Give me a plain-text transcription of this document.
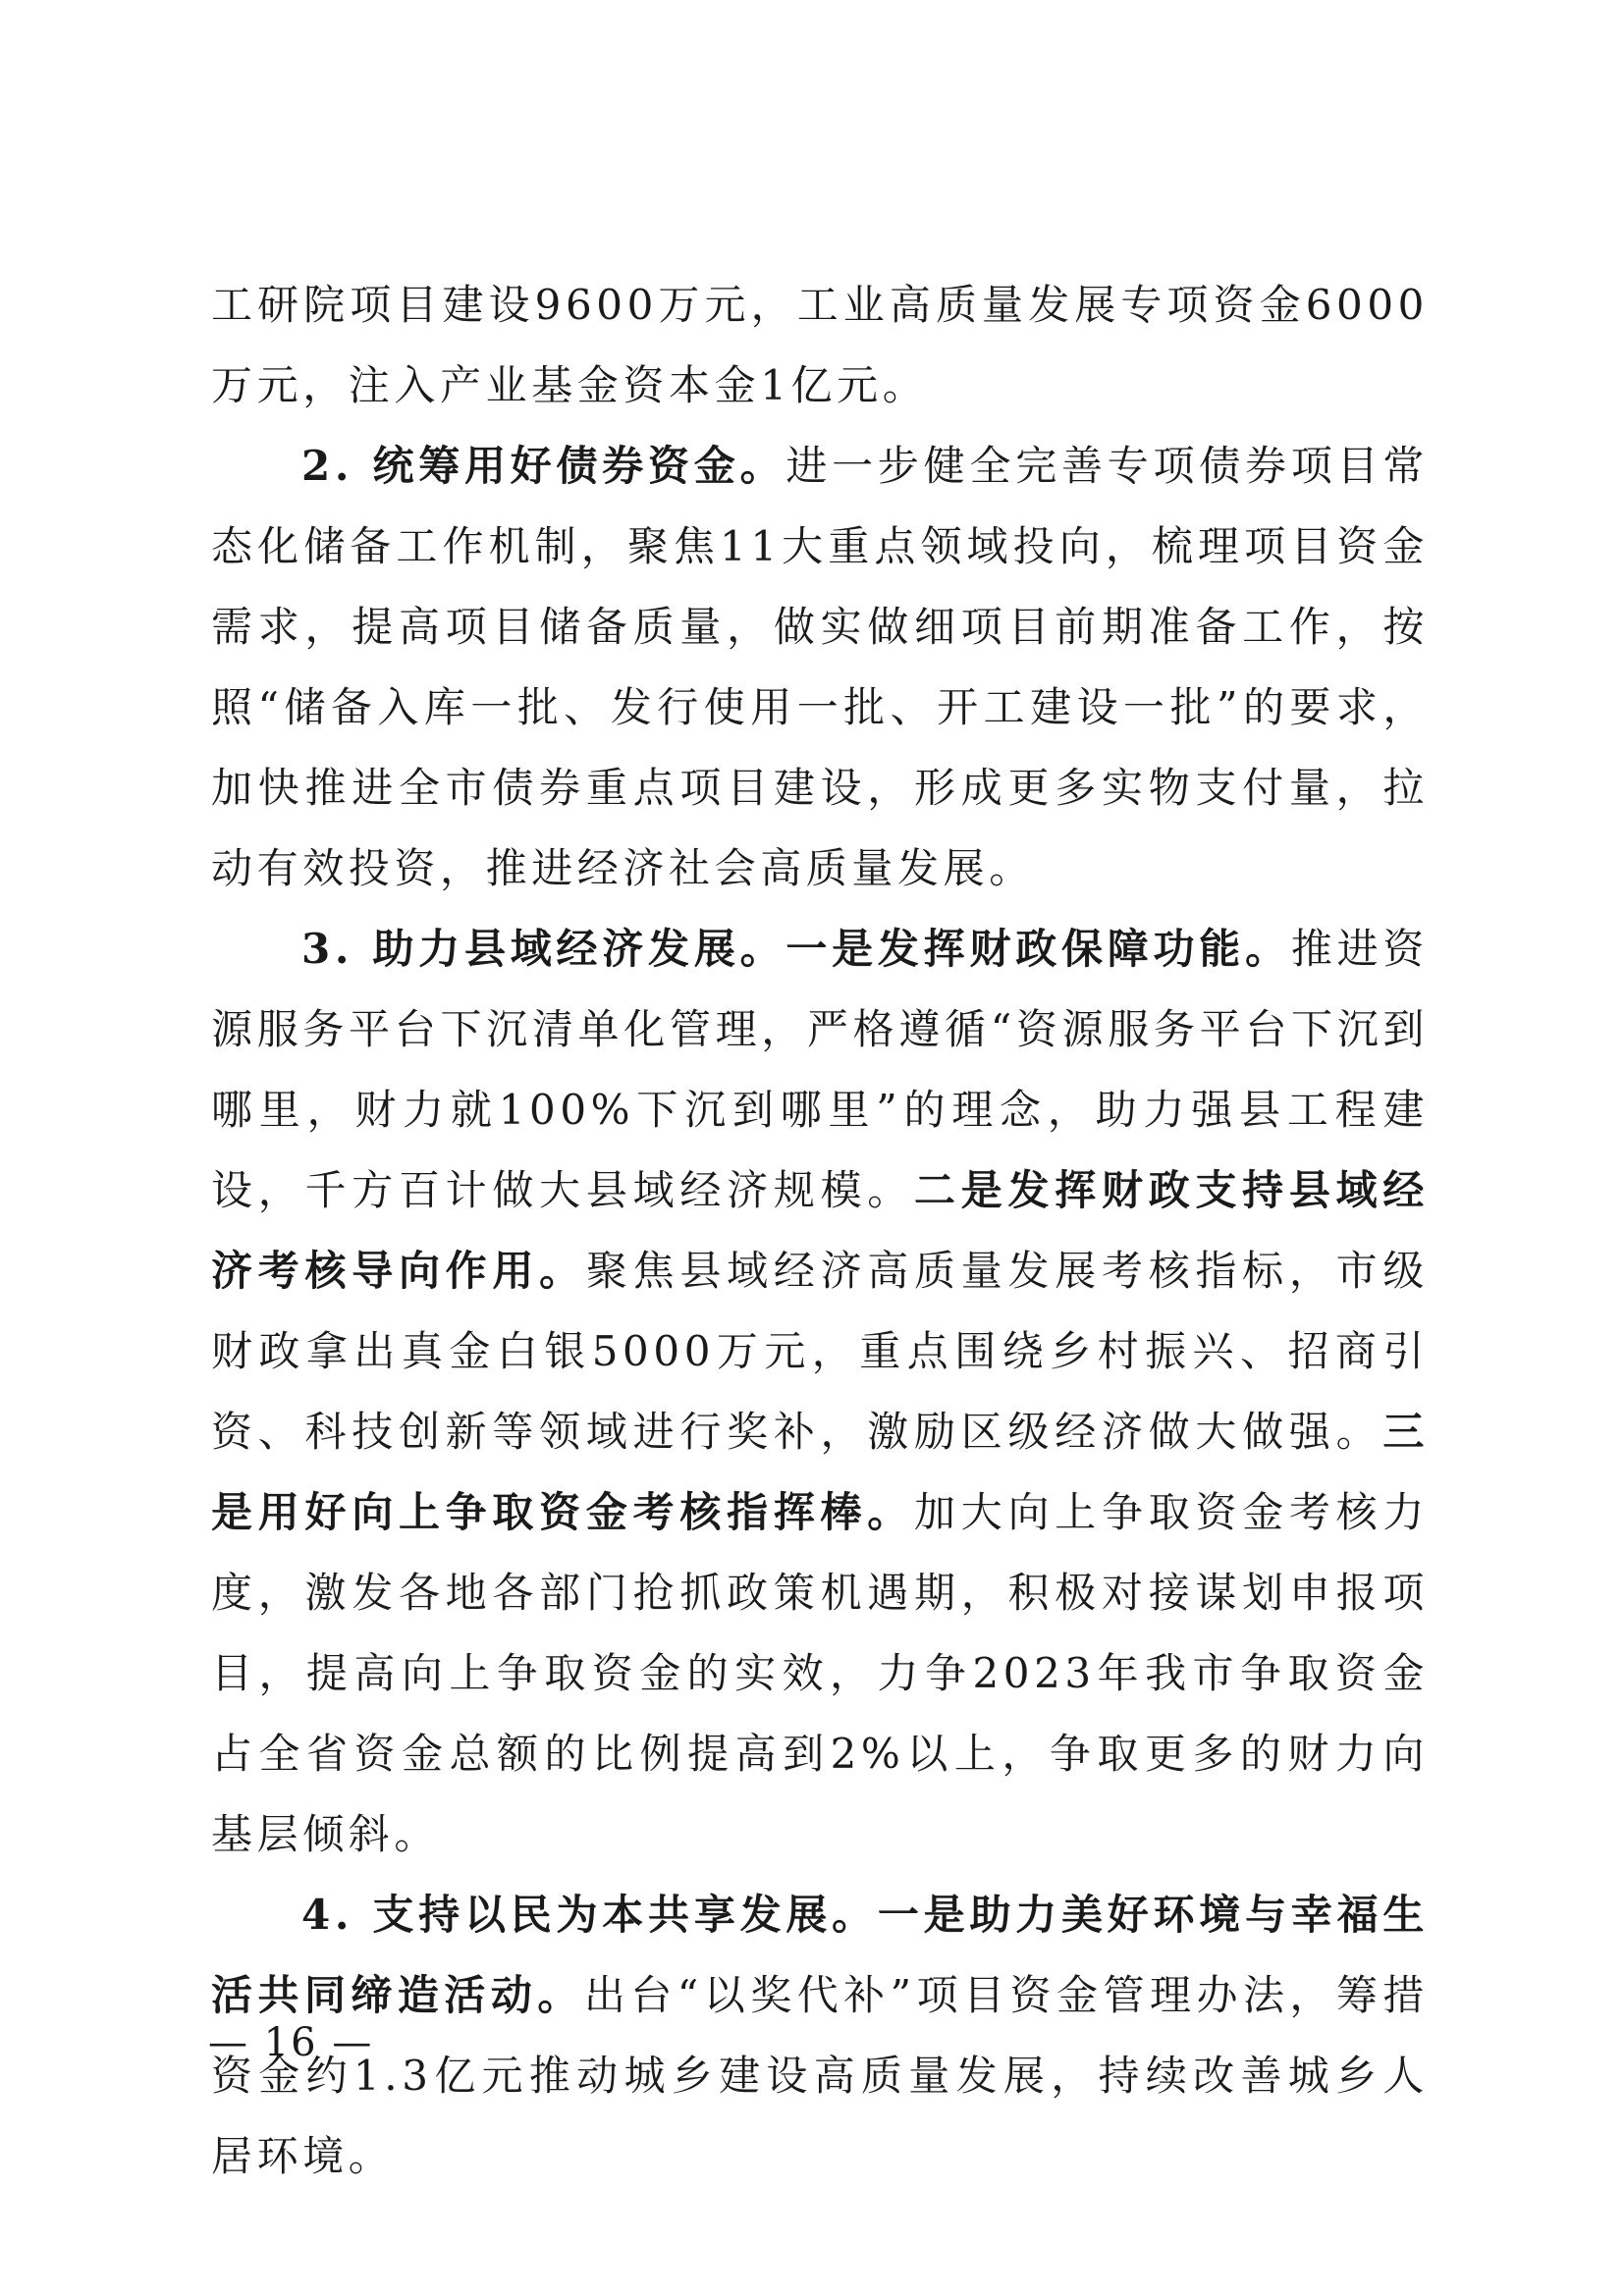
工研院项目建设9600万元，工业高质量发展专项资金6000万元，注入产业基金资本金1亿元。

2. 统筹用好债券资金。进一步健全完善专项债券项目常态化储备工作机制，聚焦11大重点领域投向，梳理项目资金需求，提高项目储备质量，做实做细项目前期准备工作，按照“储备入库一批、发行使用一批、开工建设一批”的要求，加快推进全市债券重点项目建设，形成更多实物支付量，拉动有效投资，推进经济社会高质量发展。

3. 助力县域经济发展。一是发挥财政保障功能。推进资源服务平台下沉清单化管理，严格遵循“资源服务平台下沉到哪里，财力就100%下沉到哪里”的理念，助力强县工程建设，千方百计做大县域经济规模。二是发挥财政支持县域经济考核导向作用。聚焦县域经济高质量发展考核指标，市级财政拿出真金白银5000万元，重点围绕乡村振兴、招商引资、科技创新等领域进行奖补，激励区级经济做大做强。三是用好向上争取资金考核指挥棒。加大向上争取资金考核力度，激发各地各部门抢抓政策机遇期，积极对接谋划申报项目，提高向上争取资金的实效，力争2023年我市争取资金占全省资金总额的比例提高到2%以上，争取更多的财力向基层倾斜。

4. 支持以民为本共享发展。一是助力美好环境与幸福生活共同缔造活动。出台“以奖代补”项目资金管理办法，筹措资金约1.3亿元推动城乡建设高质量发展，持续改善城乡人居环境。

— 16 —
